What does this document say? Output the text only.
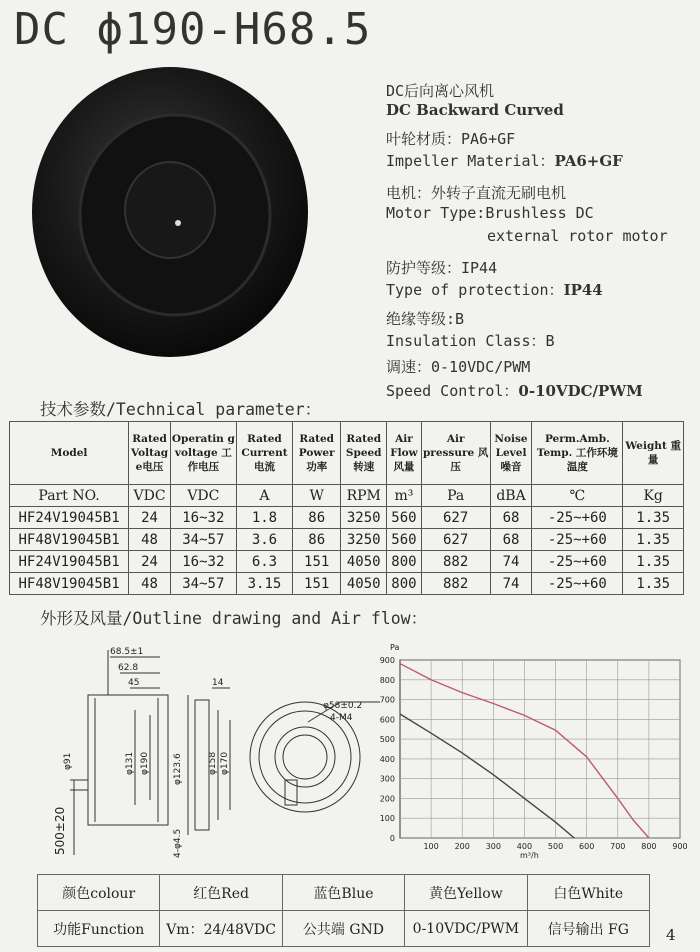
DC ϕ190-H68.5
DC后向离心风机
DC Backward Curved
叶轮材质：PA6+GF
Impeller Material：PA6+GF
电机：外转子直流无刷电机
Motor Type:Brushless DC
external rotor motor
防护等级：IP44
Type of protection：IP44
绝缘等级:B
Insulation Class：B
调速：0-10VDC/PWM
Speed Control：0-10VDC/PWM
技术参数/Technical parameter：
Model	Rated Voltag e电压	Operatin g voltage 工作电压	Rated Current 电流	Rated Power 功率	Rated Speed 转速	Air Flow 风量	Air pressure 风压	Noise Level 噪音	Perm.Amb. Temp. 工作环境温度	Weight 重量
Part NO.	VDC	VDC	A	W	RPM	m³	Pa	dBA	℃	Kg
HF24V19045B1	24	16~32	1.8	86	3250	560	627	68	-25~+60	1.35
HF48V19045B1	48	34~57	3.6	86	3250	560	627	68	-25~+60	1.35
HF24V19045B1	24	16~32	6.3	151	4050	800	882	74	-25~+60	1.35
HF48V19045B1	48	34~57	3.15	151	4050	800	882	74	-25~+60	1.35
外形及风量/Outline drawing and Air flow：
68.5±1
62.8
45	14
φ58±0.2
4-M4
φ91	φ131 φ190	φ123.6	φ158 φ170
500±20	4-φ4.5	0
100
200
300
400
500
600
700
800
900
100 200 300 400 500 600 700 800 900
Pa
m³/h
颜色colour	红色Red	蓝色Blue	黄色Yellow	白色White
功能Function	Vm：24/48VDC	公共端 GND	0-10VDC/PWM	信号输出 FG 4
